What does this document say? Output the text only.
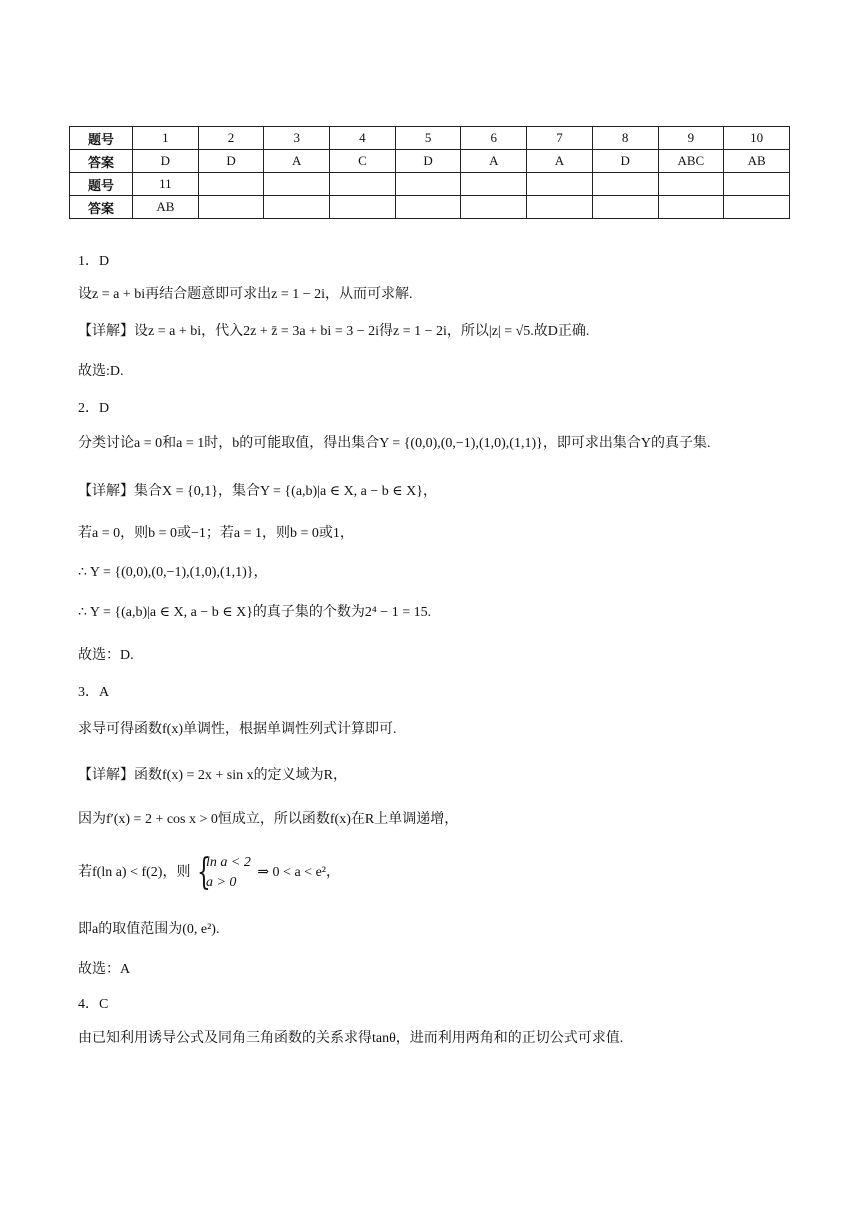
题号	1	2	3	4	5	6	7	8	9	10
答案	D	D	A	C	D	A	A	D	ABC	AB
题号	11									
答案	AB									
1．D
设z = a + bi再结合题意即可求出z = 1 − 2i，从而可求解.
【详解】设z = a + bi，代入2z + z̄ = 3a + bi = 3 − 2i得z = 1 − 2i，所以|z| = √5.故D正确.
故选:D.
2．D
分类讨论a = 0和a = 1时，b的可能取值，得出集合Y = {(0,0),(0,−1),(1,0),(1,1)}，即可求出集合Y的真子集.
【详解】集合X = {0,1}，集合Y = {(a,b)|a ∈ X, a − b ∈ X}，
若a = 0，则b = 0或−1；若a = 1，则b = 0或1，
∴ Y = {(0,0),(0,−1),(1,0),(1,1)}，
∴ Y = {(a,b)|a ∈ X, a − b ∈ X}的真子集的个数为2⁴ − 1 = 15.
故选：D.
3．A
求导可得函数f(x)单调性，根据单调性列式计算即可.
【详解】函数f(x) = 2x + sin x的定义域为R，
因为f′(x) = 2 + cos x > 0恒成立，所以函数f(x)在R上单调递增，
若f(ln a) < f(2)，则 {
ln a < 2
a > 0
⇒ 0 < a < e²，
即a的取值范围为(0, e²).
故选：A
4．C
由已知利用诱导公式及同角三角函数的关系求得tanθ，进而利用两角和的正切公式可求值.
